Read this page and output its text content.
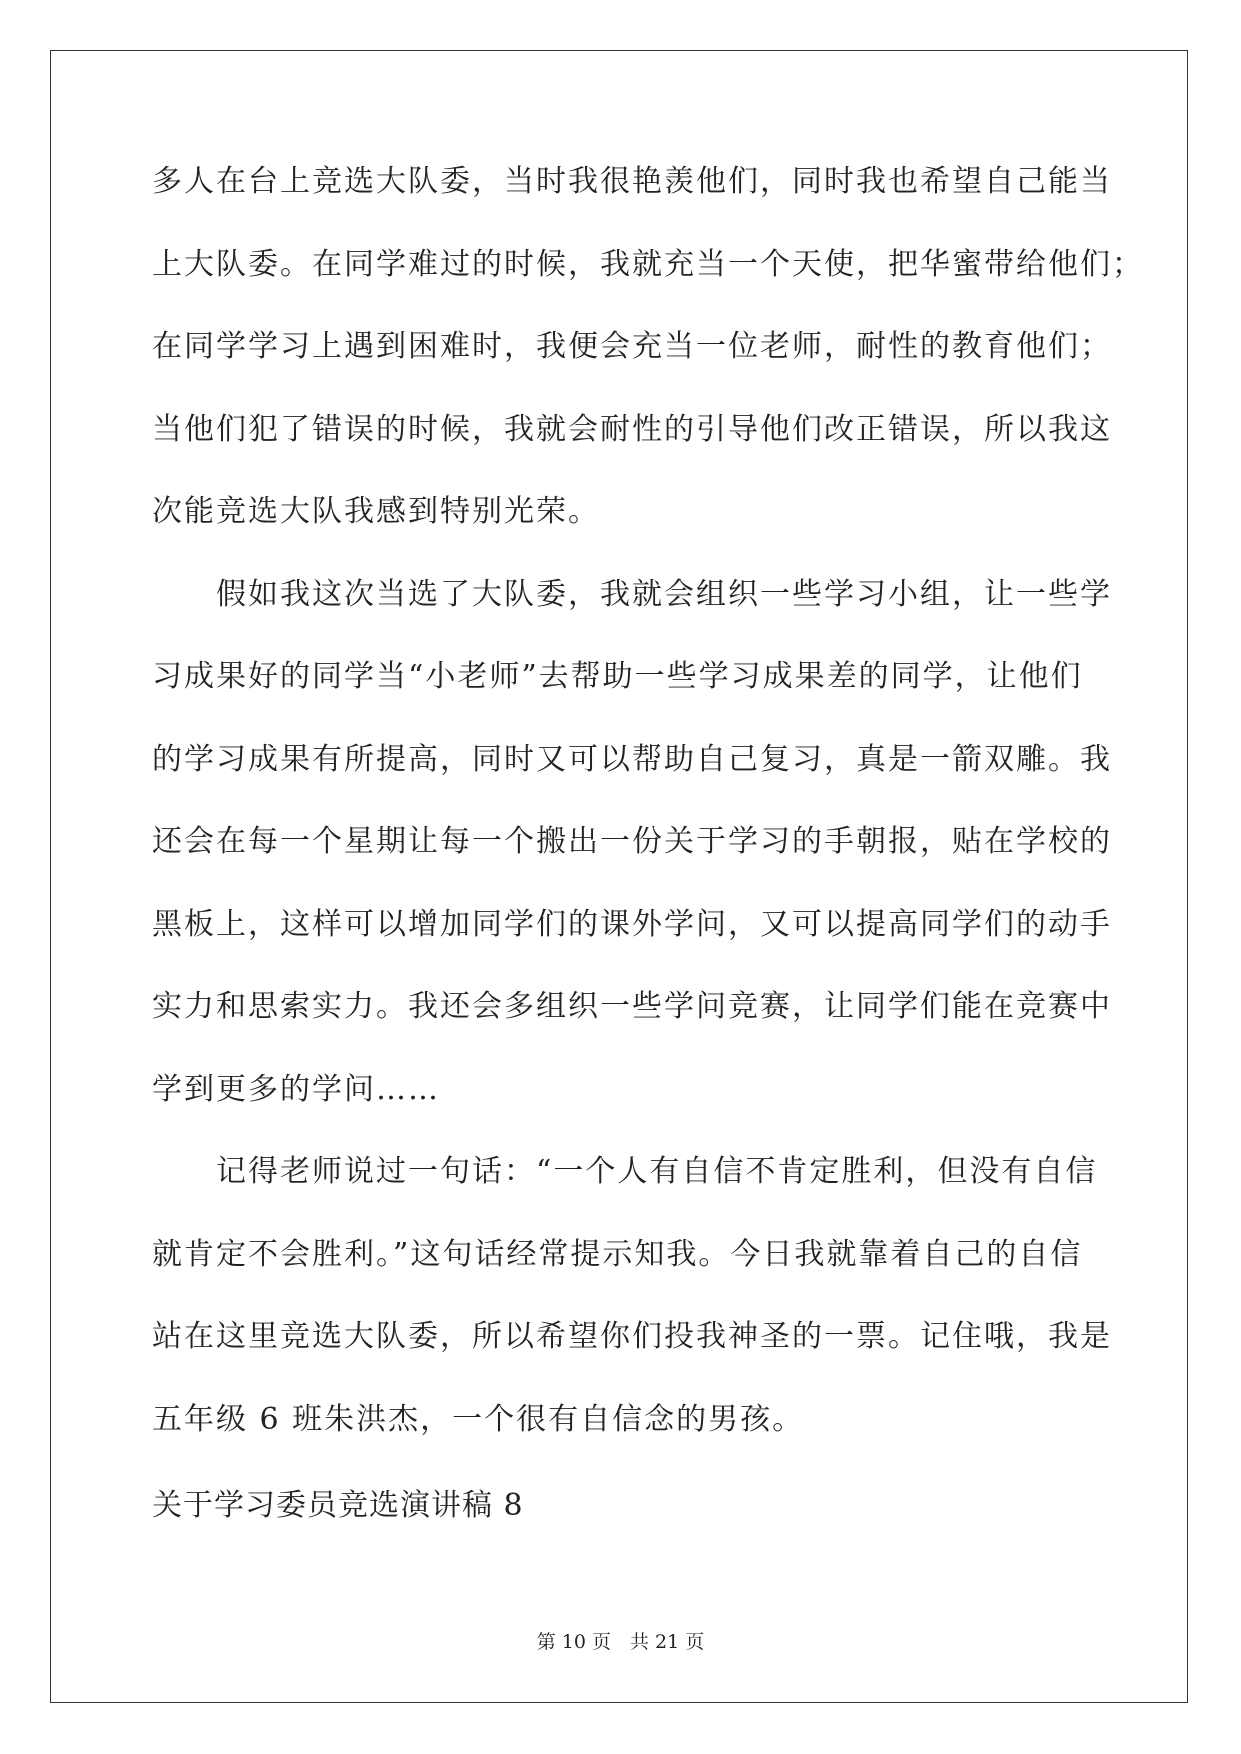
多人在台上竞选大队委，当时我很艳羡他们，同时我也希望自己能当
上大队委。在同学难过的时候，我就充当一个天使，把华蜜带给他们；
在同学学习上遇到困难时，我便会充当一位老师，耐性的教育他们；
当他们犯了错误的时候，我就会耐性的引导他们改正错误，所以我这
次能竞选大队我感到特别光荣。
假如我这次当选了大队委，我就会组织一些学习小组，让一些学
习成果好的同学当“小老师”去帮助一些学习成果差的同学，让他们
的学习成果有所提高，同时又可以帮助自己复习，真是一箭双雕。我
还会在每一个星期让每一个搬出一份关于学习的手朝报，贴在学校的
黑板上，这样可以增加同学们的课外学问，又可以提高同学们的动手
实力和思索实力。我还会多组织一些学问竞赛，让同学们能在竞赛中
学到更多的学问……
记得老师说过一句话：“一个人有自信不肯定胜利，但没有自信
就肯定不会胜利。”这句话经常提示知我。今日我就靠着自己的自信
站在这里竞选大队委，所以希望你们投我神圣的一票。记住哦，我是
五年级 6 班朱洪杰，一个很有自信念的男孩。
关于学习委员竞选演讲稿 8
第 10 页　共 21 页
